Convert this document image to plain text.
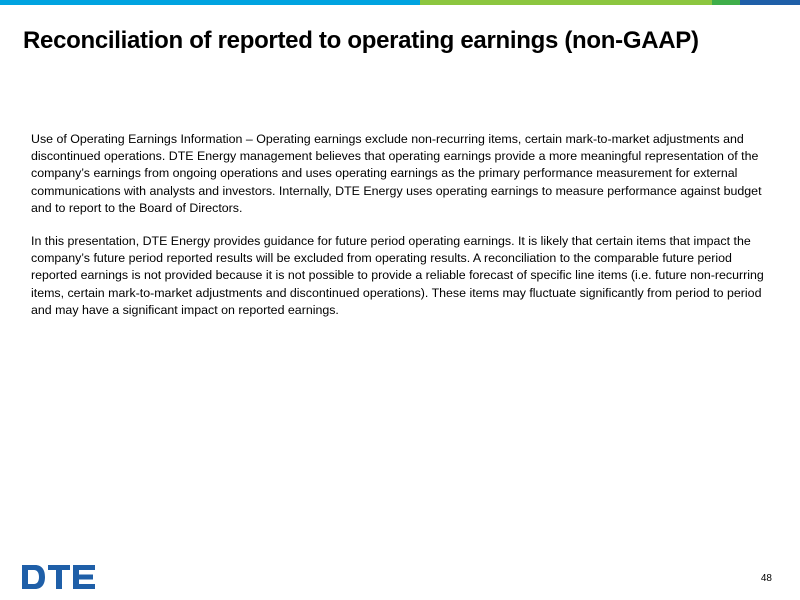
Reconciliation of reported to operating earnings (non-GAAP)

Use of Operating Earnings Information – Operating earnings exclude non-recurring items, certain mark-to-market adjustments and discontinued operations. DTE Energy management believes that operating earnings provide a more meaningful representation of the company’s earnings from ongoing operations and uses operating earnings as the primary performance measurement for external communications with analysts and investors. Internally, DTE Energy uses operating earnings to measure performance against budget and to report to the Board of Directors.

In this presentation, DTE Energy provides guidance for future period operating earnings. It is likely that certain items that impact the company’s future period reported results will be excluded from operating results. A reconciliation to the comparable future period reported earnings is not provided because it is not possible to provide a reliable forecast of specific line items (i.e. future non-recurring items, certain mark-to-market adjustments and discontinued operations). These items may fluctuate significantly from period to period and may have a significant impact on reported earnings.

48
